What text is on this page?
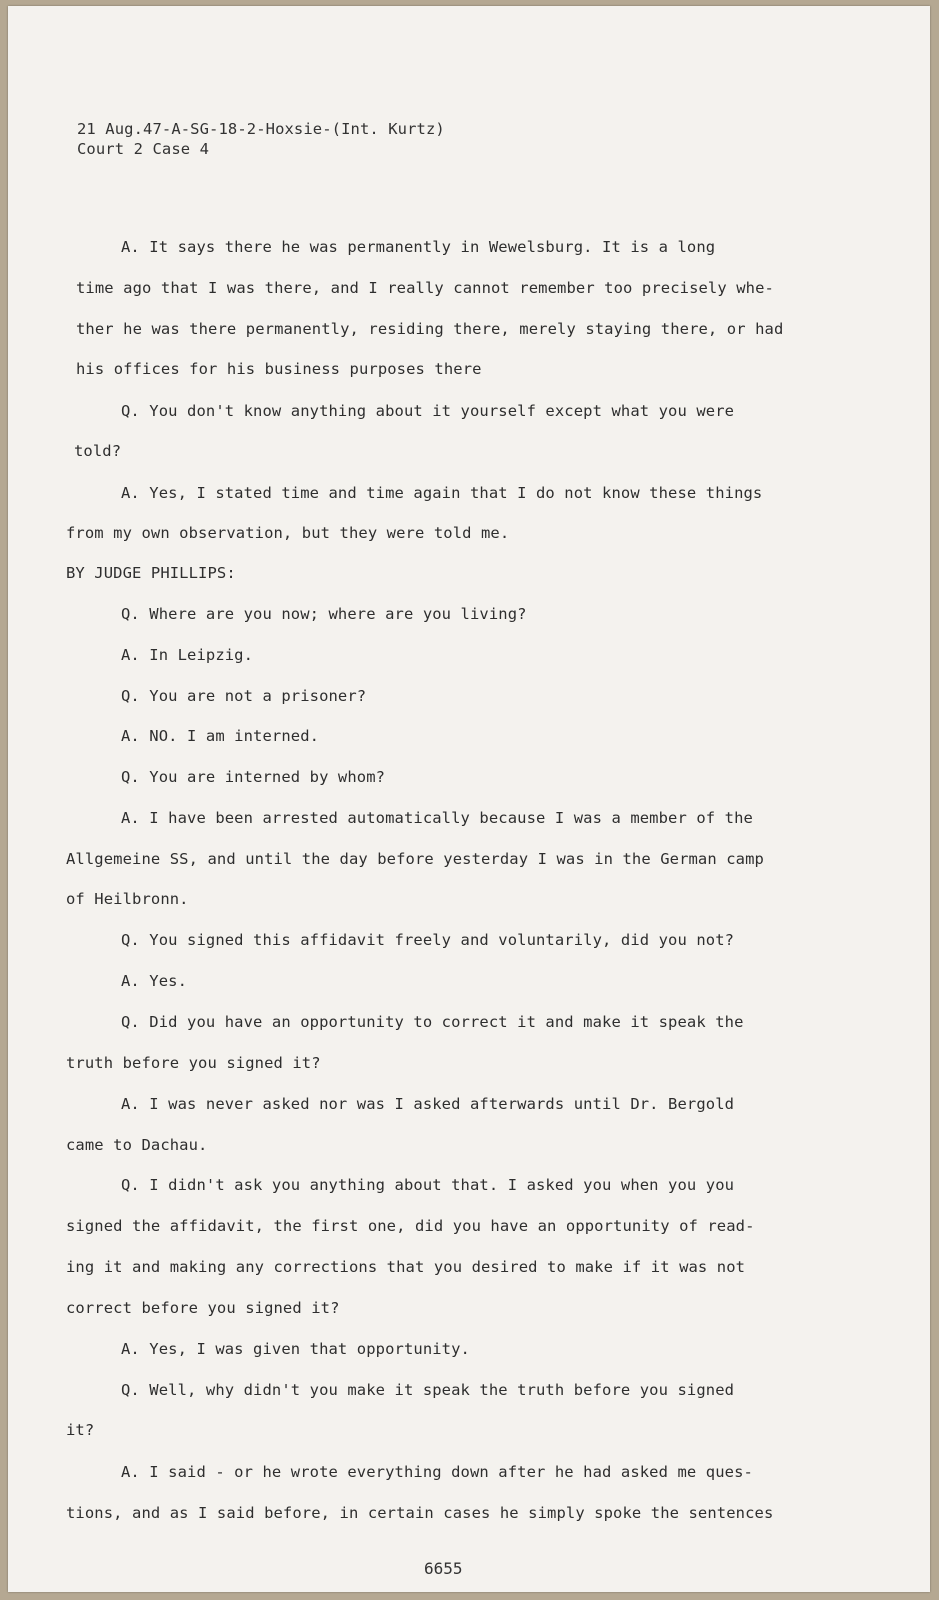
21 Aug.47-A-SG-18-2-Hoxsie-(Int. Kurtz)
Court 2 Case 4
A. It says there he was permanently in Wewelsburg. It is a long
time ago that I was there, and I really cannot remember too precisely whe-
ther he was there permanently, residing there, merely staying there, or had
his offices for his business purposes there
Q. You don't know anything about it yourself except what you were
told?
A. Yes, I stated time and time again that I do not know these things
from my own observation, but they were told me.
BY JUDGE PHILLIPS:
Q. Where are you now; where are you living?
A. In Leipzig.
Q. You are not a prisoner?
A. NO. I am interned.
Q. You are interned by whom?
A. I have been arrested automatically because I was a member of the
Allgemeine SS, and until the day before yesterday I was in the German camp
of Heilbronn.
Q. You signed this affidavit freely and voluntarily, did you not?
A. Yes.
Q. Did you have an opportunity to correct it and make it speak the
truth before you signed it?
A. I was never asked nor was I asked afterwards until Dr. Bergold
came to Dachau.
Q. I didn't ask you anything about that. I asked you when you you
signed the affidavit, the first one, did you have an opportunity of read-
ing it and making any corrections that you desired to make if it was not
correct before you signed it?
A. Yes, I was given that opportunity.
Q. Well, why didn't you make it speak the truth before you signed
it?
A. I said - or he wrote everything down after he had asked me ques-
tions, and as I said before, in certain cases he simply spoke the sentences
6655
